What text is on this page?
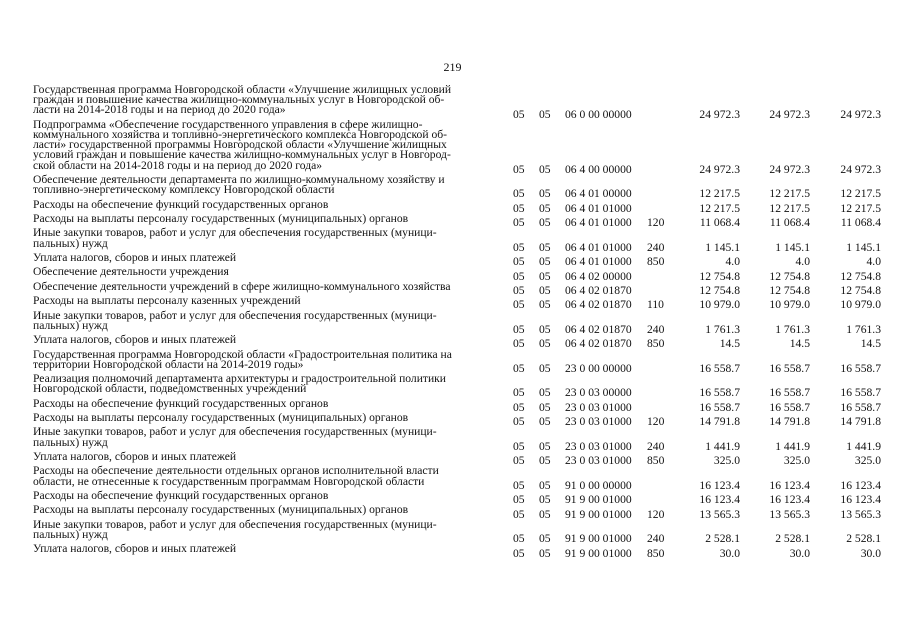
219
Государственная программа Новгородской области «Улучшение жилищных условий
граждан и повышение качества жилищно-коммунальных услуг в Новгородской об-
ласти на 2014-2018 годы и на период до 2020 года»	05 05 06 0 00 00000	24 972.3	24 972.3	24 972.3
Подпрограмма «Обеспечение государственного управления в сфере жилищно-
коммунального хозяйства и топливно-энергетического комплекса Новгородской об-
ласти» государственной программы Новгородской области «Улучшение жилищных
условий граждан и повышение качества жилищно-коммунальных услуг в Новгород-
ской области на 2014-2018 годы и на период до 2020 года»	05 05 06 4 00 00000	24 972.3	24 972.3	24 972.3
Обеспечение деятельности департамента по жилищно-коммунальному хозяйству и
топливно-энергетическому комплексу Новгородской области	05 05 06 4 01 00000	12 217.5	12 217.5	12 217.5
Расходы на обеспечение функций государственных органов	05 05 06 4 01 01000	12 217.5	12 217.5	12 217.5
Расходы на выплаты персоналу государственных (муниципальных) органов	05 05 06 4 01 01000 120	11 068.4	11 068.4	11 068.4
Иные закупки товаров, работ и услуг для обеспечения государственных (муници-
пальных) нужд	05 05 06 4 01 01000 240	1 145.1	1 145.1	1 145.1
Уплата налогов, сборов и иных платежей	05 05 06 4 01 01000 850	4.0	4.0	4.0
Обеспечение деятельности учреждения	05 05 06 4 02 00000	12 754.8	12 754.8	12 754.8
Обеспечение деятельности учреждений в сфере жилищно-коммунального хозяйства	05 05 06 4 02 01870	12 754.8	12 754.8	12 754.8
Расходы на выплаты персоналу казенных учреждений	05 05 06 4 02 01870 110	10 979.0	10 979.0	10 979.0
Иные закупки товаров, работ и услуг для обеспечения государственных (муници-
пальных) нужд	05 05 06 4 02 01870 240	1 761.3	1 761.3	1 761.3
Уплата налогов, сборов и иных платежей	05 05 06 4 02 01870 850	14.5	14.5	14.5
Государственная программа Новгородской области «Градостроительная политика на
территории Новгородской области на 2014-2019 годы»	05 05 23 0 00 00000	16 558.7	16 558.7	16 558.7
Реализация полномочий департамента архитектуры и градостроительной политики
Новгородской области, подведомственных учреждений	05 05 23 0 03 00000	16 558.7	16 558.7	16 558.7
Расходы на обеспечение функций государственных органов	05 05 23 0 03 01000	16 558.7	16 558.7	16 558.7
Расходы на выплаты персоналу государственных (муниципальных) органов	05 05 23 0 03 01000 120	14 791.8	14 791.8	14 791.8
Иные закупки товаров, работ и услуг для обеспечения государственных (муници-
пальных) нужд	05 05 23 0 03 01000 240	1 441.9	1 441.9	1 441.9
Уплата налогов, сборов и иных платежей	05 05 23 0 03 01000 850	325.0	325.0	325.0
Расходы на обеспечение деятельности отдельных органов исполнительной власти
области, не отнесенные к государственным программам Новгородской области	05 05 91 0 00 00000	16 123.4	16 123.4	16 123.4
Расходы на обеспечение функций государственных органов	05 05 91 9 00 01000	16 123.4	16 123.4	16 123.4
Расходы на выплаты персоналу государственных (муниципальных) органов	05 05 91 9 00 01000 120	13 565.3	13 565.3	13 565.3
Иные закупки товаров, работ и услуг для обеспечения государственных (муници-
пальных) нужд	05 05 91 9 00 01000 240	2 528.1	2 528.1	2 528.1
Уплата налогов, сборов и иных платежей	05 05 91 9 00 01000 850	30.0	30.0	30.0
